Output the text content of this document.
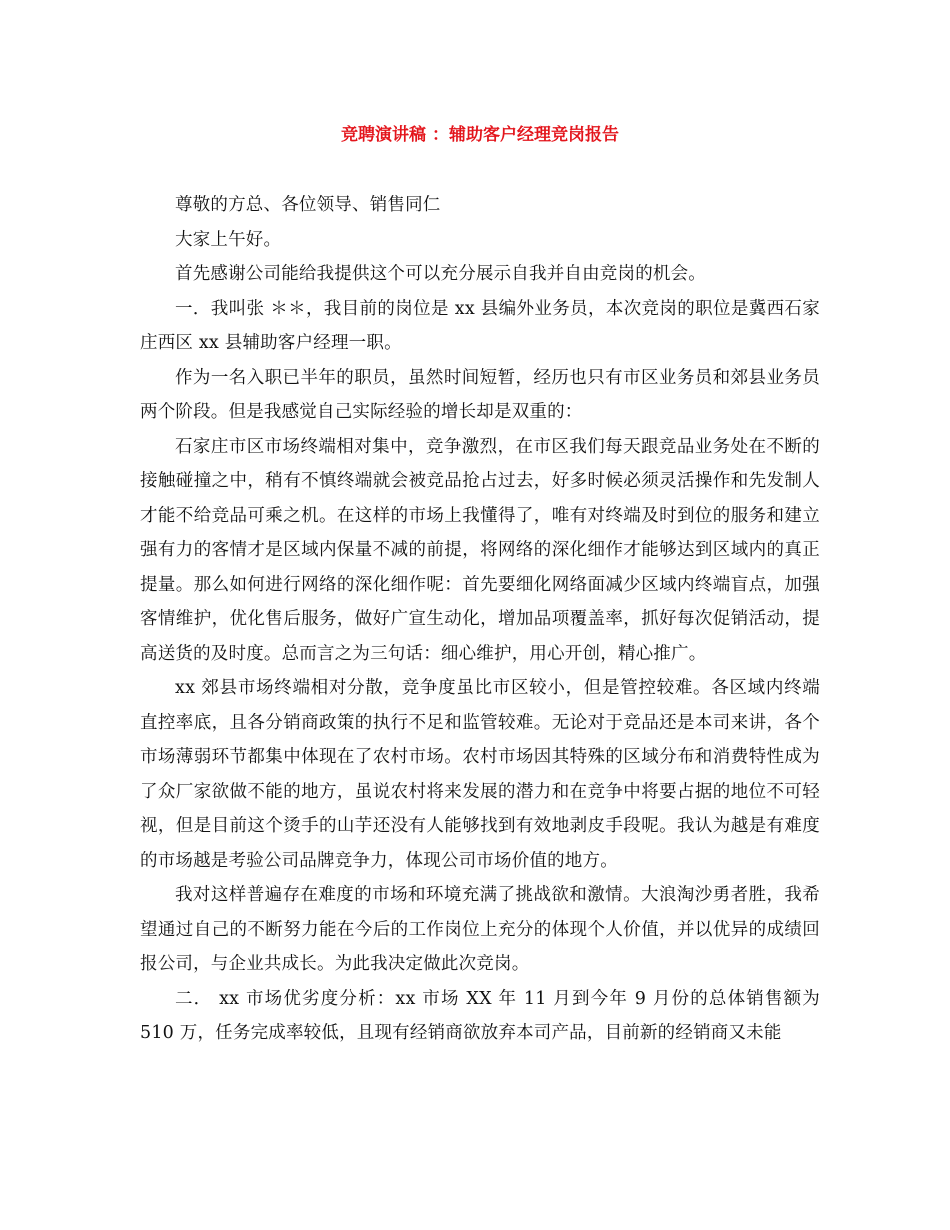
竞聘演讲稿 ：辅助客户经理竞岗报告

尊敬的方总、各位领导、销售同仁

大家上午好。

首先感谢公司能给我提供这个可以充分展示自我并自由竞岗的机会。

一．我叫张 ＊＊，我目前的岗位是 xx 县编外业务员，本次竞岗的职位是冀西石家庄西区 xx 县辅助客户经理一职。

作为一名入职已半年的职员，虽然时间短暂，经历也只有市区业务员和郊县业务员两个阶段。但是我感觉自己实际经验的增长却是双重的：

石家庄市区市场终端相对集中，竞争激烈，在市区我们每天跟竞品业务处在不断的接触碰撞之中，稍有不慎终端就会被竞品抢占过去，好多时候必须灵活操作和先发制人才能不给竞品可乘之机。在这样的市场上我懂得了，唯有对终端及时到位的服务和建立强有力的客情才是区域内保量不减的前提，将网络的深化细作才能够达到区域内的真正提量。那么如何进行网络的深化细作呢：首先要细化网络面减少区域内终端盲点，加强客情维护，优化售后服务，做好广宣生动化，增加品项覆盖率，抓好每次促销活动，提高送货的及时度。总而言之为三句话：细心维护，用心开创，精心推广。

xx 郊县市场终端相对分散，竞争度虽比市区较小，但是管控较难。各区域内终端直控率底，且各分销商政策的执行不足和监管较难。无论对于竞品还是本司来讲，各个市场薄弱环节都集中体现在了农村市场。农村市场因其特殊的区域分布和消费特性成为了众厂家欲做不能的地方，虽说农村将来发展的潜力和在竞争中将要占据的地位不可轻视，但是目前这个烫手的山芋还没有人能够找到有效地剥皮手段呢。我认为越是有难度的市场越是考验公司品牌竞争力，体现公司市场价值的地方。

我对这样普遍存在难度的市场和环境充满了挑战欲和激情。大浪淘沙勇者胜，我希望通过自己的不断努力能在今后的工作岗位上充分的体现个人价值，并以优异的成绩回报公司，与企业共成长。为此我决定做此次竞岗。

二． xx 市场优劣度分析：xx 市场 XX 年 11 月到今年 9 月份的总体销售额为 510 万，任务完成率较低，且现有经销商欲放弃本司产品，目前新的经销商又未能
